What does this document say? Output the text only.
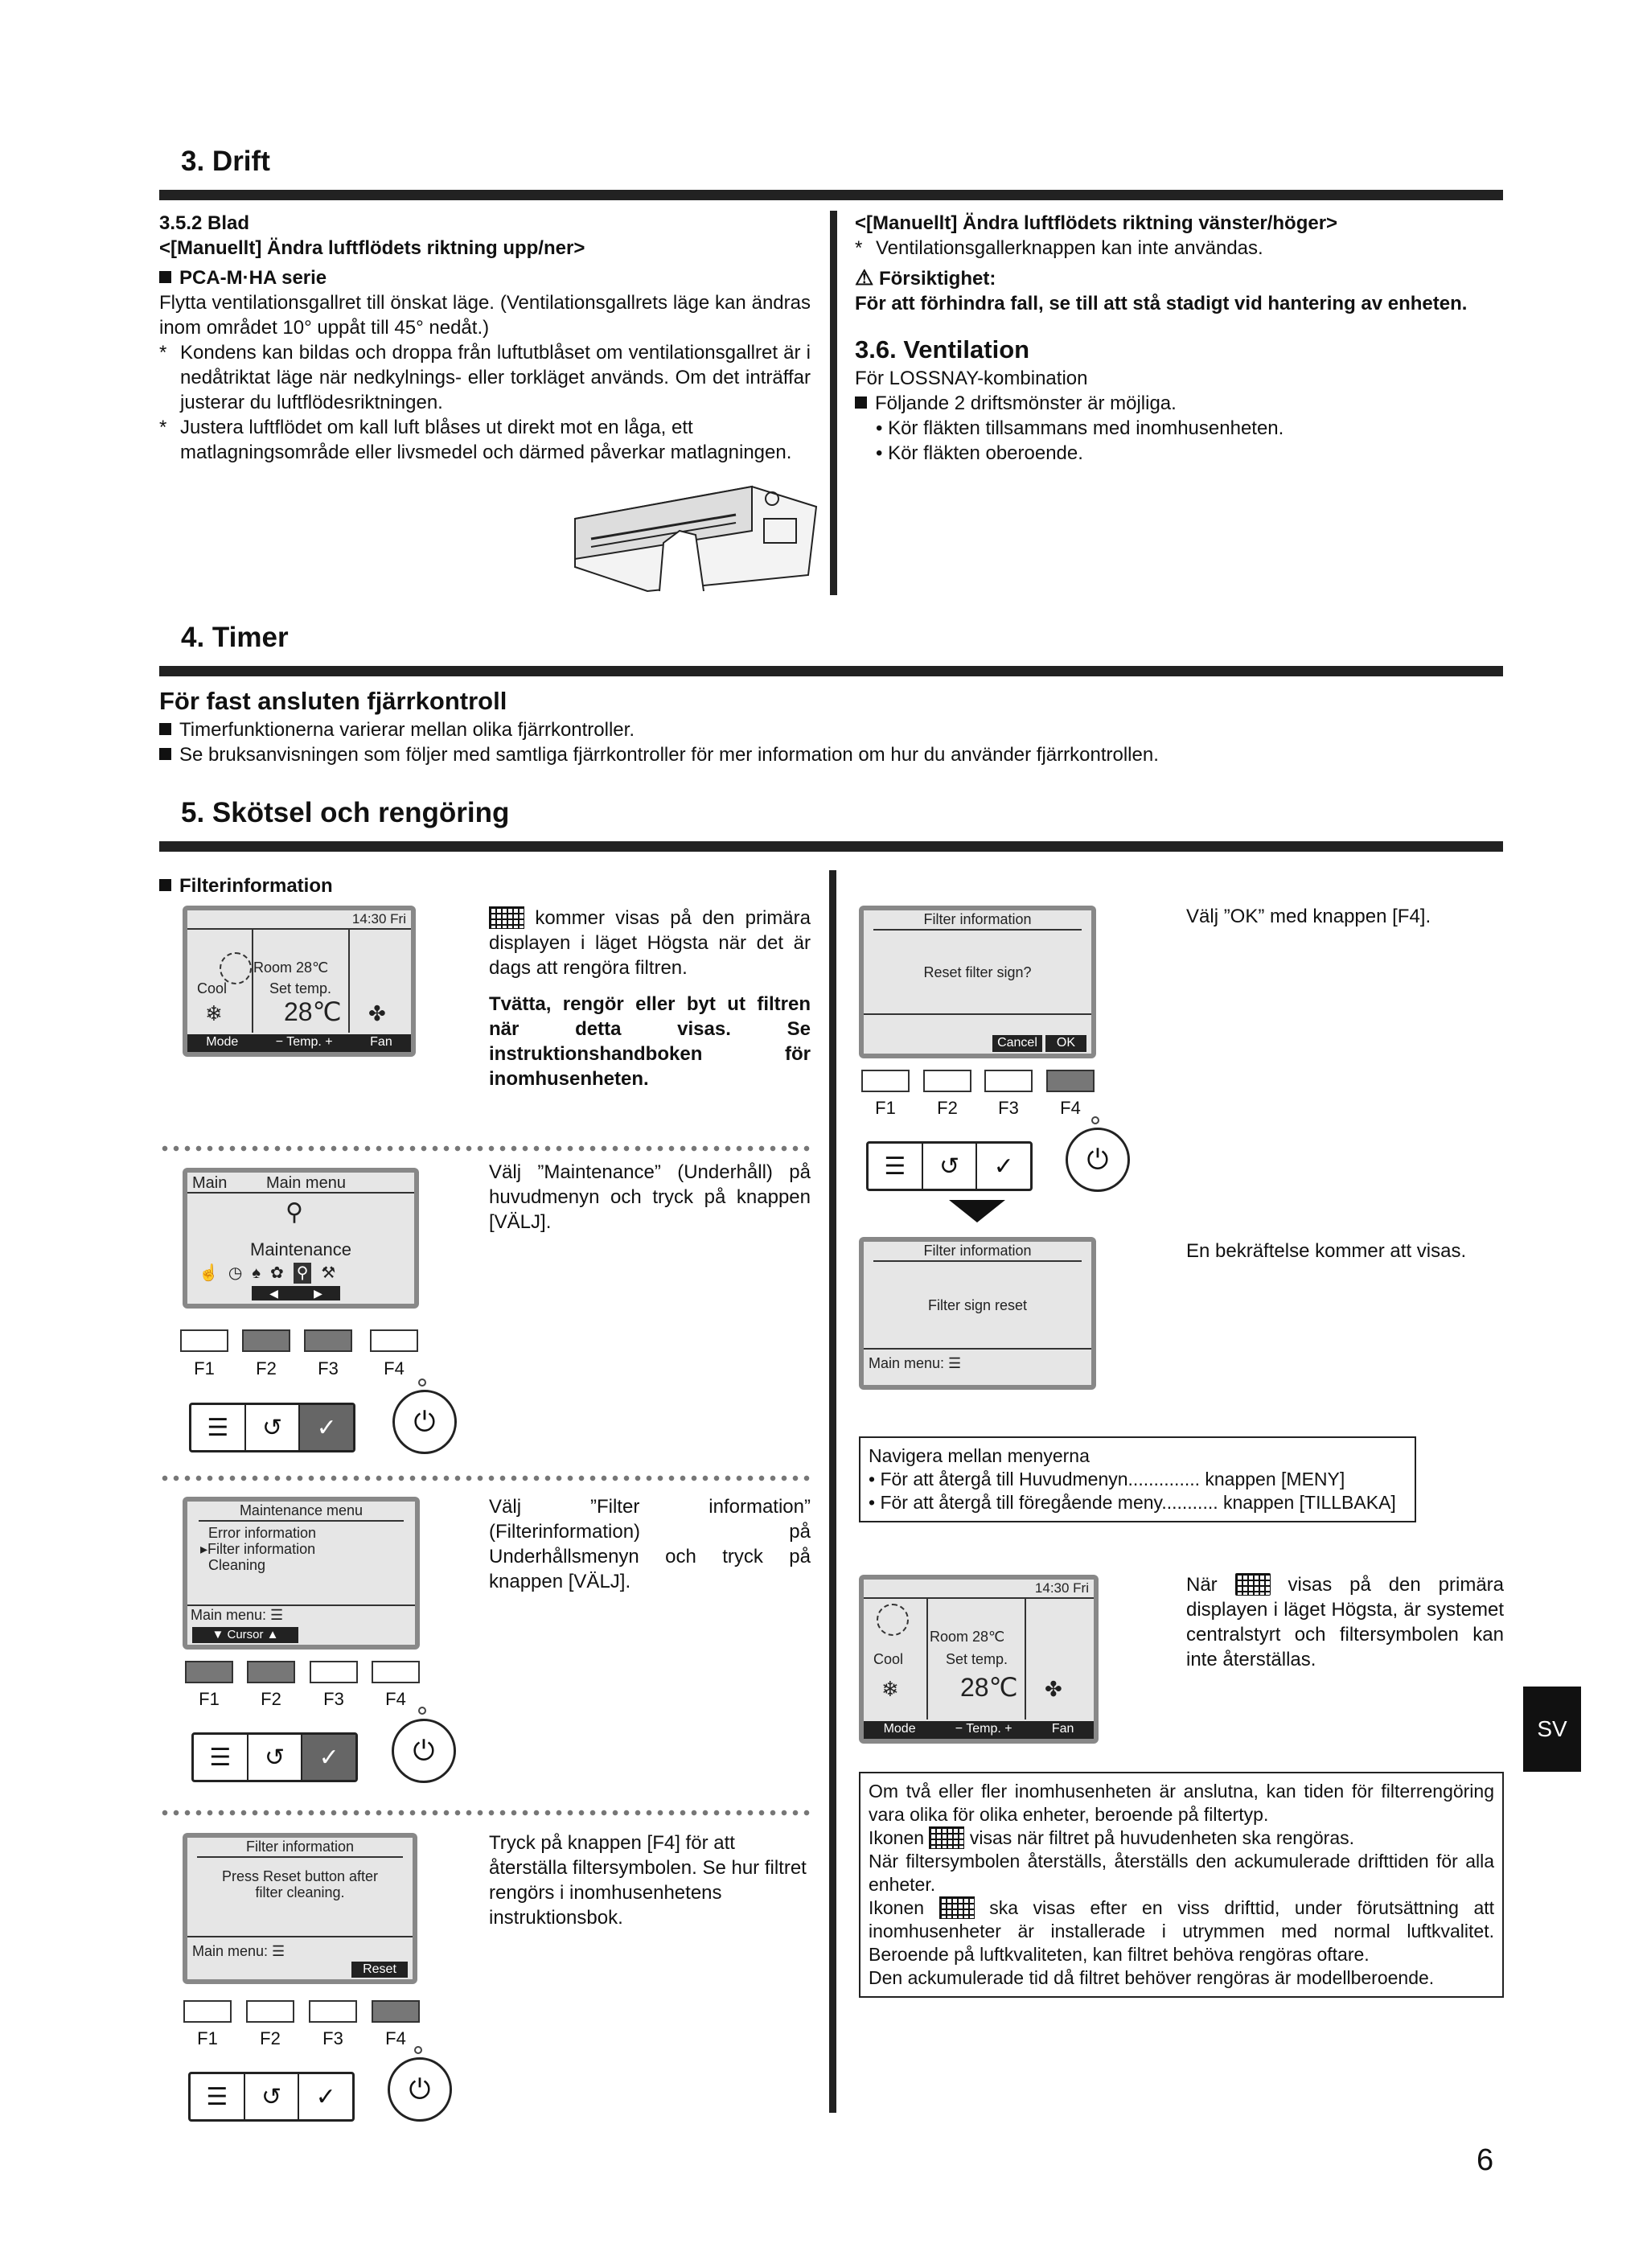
3. Drift
3.5.2 Blad
<[Manuellt] Ändra luftflödets riktning upp/ner>
PCA-M·HA serie
Flytta ventilationsgallret till önskat läge. (Ventilationsgallrets läge kan ändras inom området 10° uppåt till 45° nedåt.)
* Kondens kan bildas och droppa från luftutblåset om ventilationsgallret är i nedåtriktat läge när nedkylnings- eller torkläget används. Om det inträffar justerar du luftflödesriktningen.
* Justera luftflödet om kall luft blåses ut direkt mot en låga, ett matlagningsområde eller livsmedel och därmed påverkar matlagningen.
<[Manuellt] Ändra luftflödets riktning vänster/höger>
* Ventilationsgallerknappen kan inte användas.
⚠ Försiktighet:
För att förhindra fall, se till att stå stadigt vid hantering av enheten.
3.6. Ventilation
För LOSSNAY-kombination
Följande 2 driftsmönster är möjliga.
• Kör fläkten tillsammans med inomhusenheten.
• Kör fläkten oberoende.
4. Timer
För fast ansluten fjärrkontroll
Timerfunktionerna varierar mellan olika fjärrkontroller.
Se bruksanvisningen som följer med samtliga fjärrkontroller för mer information om hur du använder fjärrkontrollen.
5. Skötsel och rengöring
Filterinformation
14:30 Fri
Room 28℃
Cool	Set temp.
❄ 28℃ ✤
Mode	− Temp. +	Fan
kommer visas på den primära displayen i läget Högsta när det är dags att rengöra filtren.
Tvätta, rengör eller byt ut filtren när detta visas. Se instruktionshandboken för inomhusenheten.
Main Main menu
⚲
Maintenance
☝ ◷ ♠ ✿ ⚲ ⚒
◀	▶
Välj ”Maintenance” (Underhåll) på huvudmenyn och tryck på knappen [VÄLJ].
F1	F2	F3	F4
☰	↺	✓	⏻
Maintenance menu
Error information
▸Filter information
Cleaning
Main menu: ☰
▼ Cursor ▲
Välj ”Filter information” (Filterinformation) på Underhållsmenyn och tryck på knappen [VÄLJ].
F1	F2	F3	F4
☰	↺	✓	⏻
Filter information
Press Reset button after filter cleaning.
Main menu: ☰
Reset
Tryck på knappen [F4] för att återställa filtersymbolen. Se hur filtret rengörs i inomhusenhetens instruktionsbok.
F1	F2	F3	F4
☰	↺	✓	⏻
Filter information
Reset filter sign?
Cancel	OK
Välj ”OK” med knappen [F4].
F1	F2	F3	F4
☰	↺	✓	⏻
Filter information
Filter sign reset
Main menu: ☰
En bekräftelse kommer att visas.
Navigera mellan menyerna
• För att återgå till Huvudmenyn.............. knappen [MENY]
• För att återgå till föregående meny........... knappen [TILLBAKA]
14:30 Fri
Room 28℃
Cool	Set temp.
❄ 28℃ ✤
Mode	− Temp. +	Fan
När	visas på den primära displayen i läget Högsta, är systemet centralstyrt och filtersymbolen kan inte återställas.
Om två eller fler inomhusenheten är anslutna, kan tiden för filterrengöring vara olika för olika enheter, beroende på filtertyp.
Ikonen visas när filtret på huvudenheten ska rengöras.
När filtersymbolen återställs, återställs den ackumulerade drifttiden för alla enheter.
Ikonen	ska visas efter en viss drifttid, under förutsättning att inomhusenheter är installerade i utrymmen med normal luftkvalitet. Beroende på luftkvaliteten, kan filtret behöva rengöras oftare.
Den ackumulerade tid då filtret behöver rengöras är modellberoende.
SV
6
